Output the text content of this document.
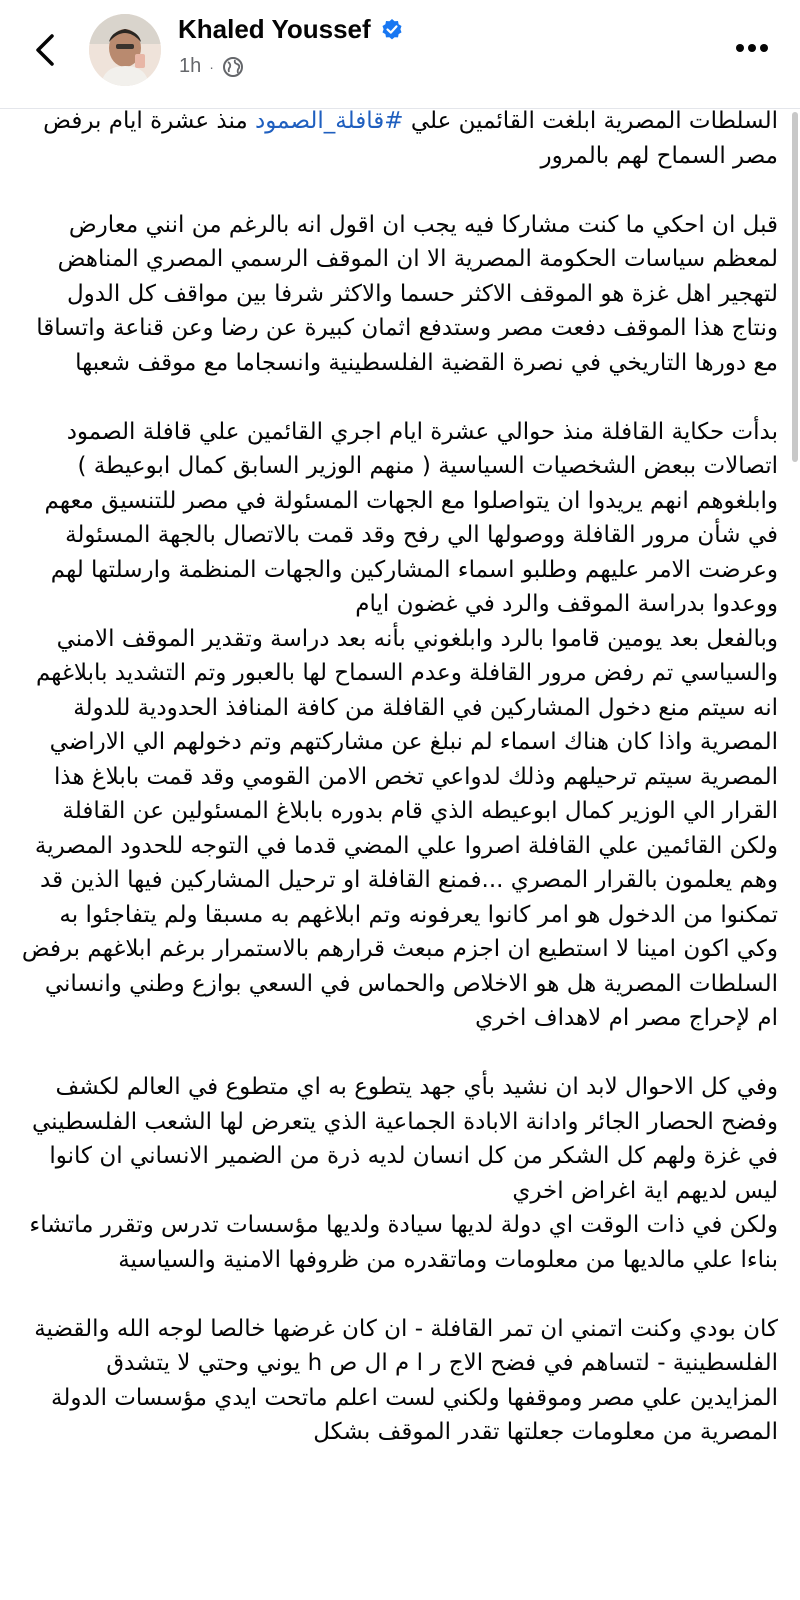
Khaled Youssef
1h ·

السلطات المصرية ابلغت القائمين علي #قافلة_الصمود منذ عشرة ايام برفض مصر السماح لهم بالمرور

قبل ان احكي ما كنت مشاركا فيه يجب ان اقول انه بالرغم من انني معارض لمعظم سياسات الحكومة المصرية الا ان الموقف الرسمي المصري المناهض لتهجير اهل غزة هو الموقف الاكثر حسما والاكثر شرفا بين مواقف كل الدول ونتاج هذا الموقف دفعت مصر وستدفع اثمان كبيرة عن رضا وعن قناعة واتساقا مع دورها التاريخي في نصرة القضية الفلسطينية وانسجاما مع موقف شعبها

بدأت حكاية القافلة منذ حوالي عشرة ايام اجري القائمين علي قافلة الصمود اتصالات ببعض الشخصيات السياسية ( منهم الوزير السابق كمال ابوعيطة ) وابلغوهم انهم يريدوا ان يتواصلوا مع الجهات المسئولة في مصر للتنسيق معهم في شأن مرور القافلة ووصولها الي رفح وقد قمت بالاتصال بالجهة المسئولة وعرضت الامر عليهم وطلبو اسماء المشاركين والجهات المنظمة وارسلتها لهم ووعدوا بدراسة الموقف والرد في غضون ايام

وبالفعل بعد يومين قاموا بالرد وابلغوني بأنه بعد دراسة وتقدير الموقف الامني والسياسي تم رفض مرور القافلة وعدم السماح لها بالعبور وتم التشديد بابلاغهم انه سيتم منع دخول المشاركين في القافلة من كافة المنافذ الحدودية للدولة المصرية واذا كان هناك اسماء لم نبلغ عن مشاركتهم وتم دخولهم الي الاراضي المصرية سيتم ترحيلهم وذلك لدواعي تخص الامن القومي وقد قمت بابلاغ هذا القرار الي الوزير كمال ابوعيطه الذي قام بدوره بابلاغ المسئولين عن القافلة ولكن القائمين علي القافلة اصروا علي المضي قدما في التوجه للحدود المصرية وهم يعلمون بالقرار المصري ...فمنع القافلة او ترحيل المشاركين فيها الذين قد تمكنوا من الدخول هو امر كانوا يعرفونه وتم ابلاغهم به مسبقا ولم يتفاجئوا به وكي اكون امينا لا استطيع ان اجزم مبعث قرارهم بالاستمرار برغم ابلاغهم برفض السلطات المصرية هل هو الاخلاص والحماس في السعي بوازع وطني وانساني ام لإحراج مصر ام لاهداف اخري

وفي كل الاحوال لابد ان نشيد بأي جهد يتطوع به اي متطوع في العالم لكشف وفضح الحصار الجائر وادانة الابادة الجماعية الذي يتعرض لها الشعب الفلسطيني في غزة ولهم كل الشكر من كل انسان لديه ذرة من الضمير الانساني ان كانوا ليس لديهم اية اغراض اخري

ولكن في ذات الوقت اي دولة لديها سيادة ولديها مؤسسات تدرس وتقرر ماتشاء بناءا علي مالديها من معلومات وماتقدره من ظروفها الامنية والسياسية

كان بودي وكنت اتمني ان تمر القافلة - ان كان غرضها خالصا لوجه الله والقضية الفلسطينية - لتساهم في فضح الاج ر ا م ال ص h يوني وحتي لا يتشدق المزايدين علي مصر وموقفها ولكني لست اعلم ماتحت ايدي مؤسسات الدولة المصرية من معلومات جعلتها تقدر الموقف بشكل
